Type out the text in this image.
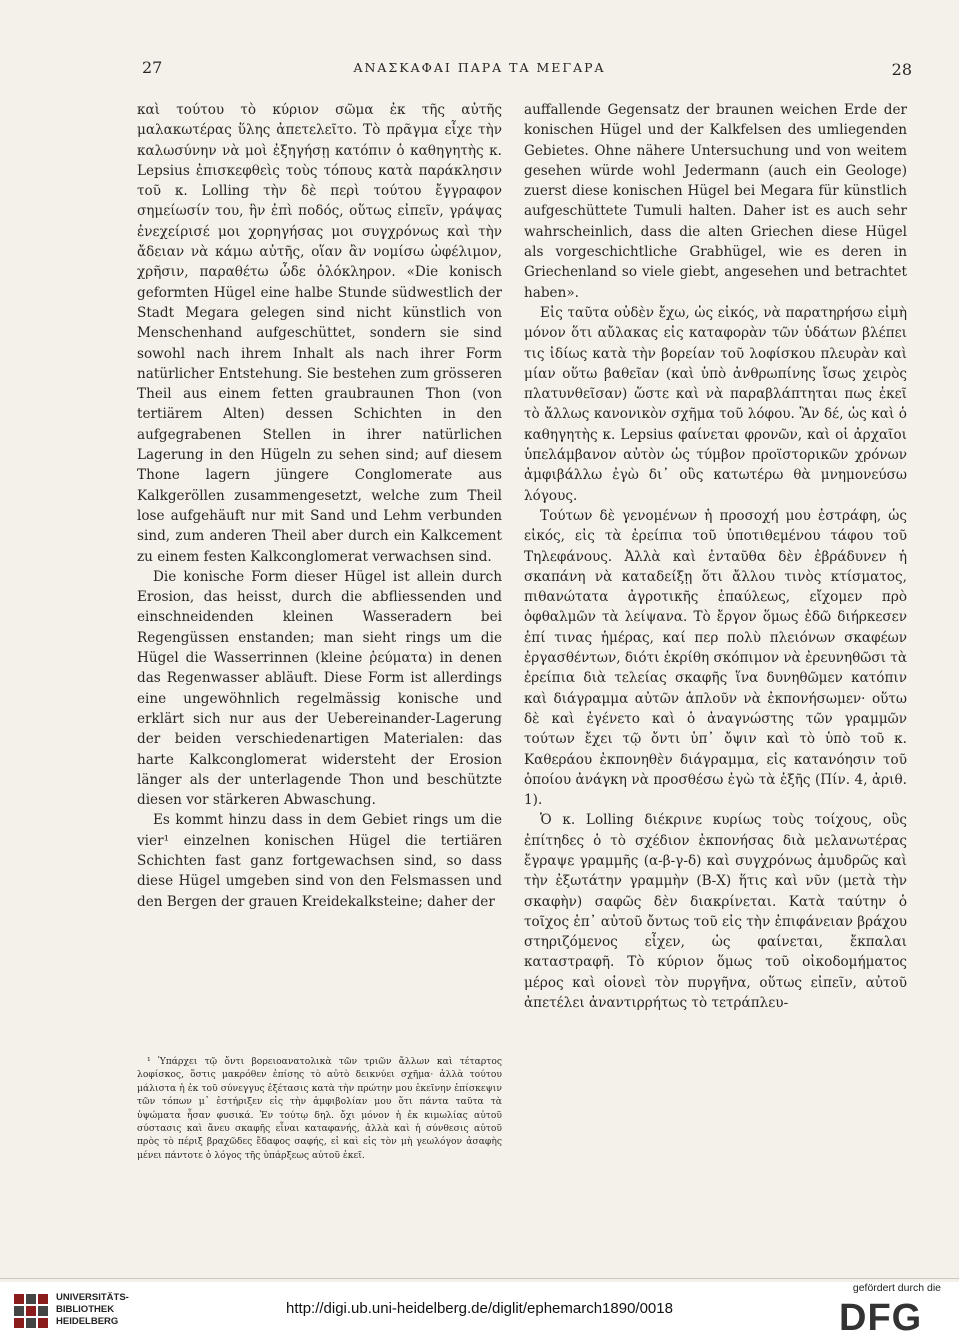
27	ΑΝΑΣΚΑΦΑΙ ΠΑΡΑ ΤΑ ΜΕΓΑΡΑ	28

καὶ τούτου τὸ κύριον σῶμα ἐκ τῆς αὐτῆς μαλακωτέρας ὕλης ἀπετελεῖτο. Τὸ πρᾶγμα εἶχε τὴν καλωσύνην νὰ μοὶ ἐξηγήσῃ κατόπιν ὁ καθηγητὴς κ. Lepsius ἐπισκεφθεὶς τοὺς τόπους κατὰ παράκλησιν τοῦ κ. Lolling τὴν δὲ περὶ τούτου ἔγγραφον σημείωσίν του, ἣν ἐπὶ ποδός, οὕτως εἰπεῖν, γράψας ἐνεχείρισέ μοι χορηγήσας μοι συγχρόνως καὶ τὴν ἄδειαν νὰ κάμω αὐτῆς, οἵαν ἂν νομίσω ὠφέλιμον, χρῆσιν, παραθέτω ὧδε ὁλόκληρον. «Die konisch geformten Hügel eine halbe Stunde südwestlich der Stadt Megara gelegen sind nicht künstlich von Menschenhand aufgeschüttet, sondern sie sind sowohl nach ihrem Inhalt als nach ihrer Form natürlicher Entstehung. Sie bestehen zum grösseren Theil aus einem fetten graubraunen Thon (von tertiärem Alten) dessen Schichten in den aufgegrabenen Stellen in ihrer natürlichen Lagerung in den Hügeln zu sehen sind; auf diesem Thone lagern jüngere Conglomerate aus Kalkgeröllen zusammengesetzt, welche zum Theil lose aufgehäuft nur mit Sand und Lehm verbunden sind, zum anderen Theil aber durch ein Kalkcement zu einem festen Kalkconglomerat verwachsen sind.

Die konische Form dieser Hügel ist allein durch Erosion, das heisst, durch die abfliessenden und einschneidenden kleinen Wasseradern bei Regengüssen enstanden; man sieht rings um die Hügel die Wasserrinnen (kleine ῥεύματα) in denen das Regenwasser abläuft. Diese Form ist allerdings eine ungewöhnlich regelmässig konische und erklärt sich nur aus der Uebereinander-Lagerung der beiden verschiedenartigen Materialen: das harte Kalkconglomerat widersteht der Erosion länger als der unterlagende Thon und beschützte diesen vor stärkeren Abwaschung.

Es kommt hinzu dass in dem Gebiet rings um die vier¹ einzelnen konischen Hügel die tertiären Schichten fast ganz fortgewachsen sind, so dass diese Hügel umgeben sind von den Felsmassen und den Bergen der grauen Kreidekalksteine; daher der

auffallende Gegensatz der braunen weichen Erde der konischen Hügel und der Kalkfelsen des umliegenden Gebietes. Ohne nähere Untersuchung und von weitem gesehen würde wohl Jedermann (auch ein Geologe) zuerst diese konischen Hügel bei Megara für künstlich aufgeschüttete Tumuli halten. Daher ist es auch sehr wahrscheinlich, dass die alten Griechen diese Hügel als vorgeschichtliche Grabhügel, wie es deren in Griechenland so viele giebt, angesehen und betrachtet haben».

Εἰς ταῦτα οὐδὲν ἔχω, ὡς εἰκός, νὰ παρατηρήσω εἰμὴ μόνον ὅτι αὔλακας εἰς καταφορὰν τῶν ὑδάτων βλέπει τις ἰδίως κατὰ τὴν βορείαν τοῦ λοφίσκου πλευρὰν καὶ μίαν οὕτω βαθεῖαν (καὶ ὑπὸ ἀνθρωπίνης ἴσως χειρὸς πλατυνθεῖσαν) ὥστε καὶ νὰ παραβλάπτηται πως ἐκεῖ τὸ ἄλλως κανονικὸν σχῆμα τοῦ λόφου. Ἂν δέ, ὡς καὶ ὁ καθηγητὴς κ. Lepsius φαίνεται φρονῶν, καὶ οἱ ἀρχαῖοι ὑπελάμβανον αὐτὸν ὡς τύμβον προϊστορικῶν χρόνων ἀμφιβάλλω ἐγὼ δι᾽ οὓς κατωτέρω θὰ μνημονεύσω λόγους.

Τούτων δὲ γενομένων ἡ προσοχή μου ἐστράφη, ὡς εἰκός, εἰς τὰ ἐρείπια τοῦ ὑποτιθεμένου τάφου τοῦ Τηλεφάνους. Ἀλλὰ καὶ ἐνταῦθα δὲν ἐβράδυνεν ἡ σκαπάνη νὰ καταδείξῃ ὅτι ἄλλου τινὸς κτίσματος, πιθανώτατα ἀγροτικῆς ἐπαύλεως, εἴχομεν πρὸ ὀφθαλμῶν τὰ λείψανα. Τὸ ἔργον ὅμως ἐδῶ διήρκεσεν ἐπί τινας ἡμέρας, καί περ πολὺ πλειόνων σκαφέων ἐργασθέντων, διότι ἐκρίθη σκόπιμον νὰ ἐρευνηθῶσι τὰ ἐρείπια διὰ τελείας σκαφῆς ἵνα δυνηθῶμεν κατόπιν καὶ διάγραμμα αὐτῶν ἁπλοῦν νὰ ἐκπονήσωμεν· οὕτω δὲ καὶ ἐγένετο καὶ ὁ ἀναγνώστης τῶν γραμμῶν τούτων ἔχει τῷ ὄντι ὑπ᾽ ὄψιν καὶ τὸ ὑπὸ τοῦ κ. Καθεράου ἐκπονηθὲν διάγραμμα, εἰς κατανόησιν τοῦ ὁποίου ἀνάγκη νὰ προσθέσω ἐγὼ τὰ ἑξῆς (Πίν. 4, ἀριθ. 1).

Ὁ κ. Lolling διέκρινε κυρίως τοὺς τοίχους, οὓς ἐπίτηδες ὁ τὸ σχέδιον ἐκπονήσας διὰ μελανωτέρας ἔγραψε γραμμῆς (α-β-γ-δ) καὶ συγχρόνως ἀμυδρῶς καὶ τὴν ἐξωτάτην γραμμὴν (Β-Χ) ἥτις καὶ νῦν (μετὰ τὴν σκαφὴν) σαφῶς δὲν διακρίνεται. Κατὰ ταύτην ὁ τοῖχος ἐπ᾽ αὐτοῦ ὄντως τοῦ εἰς τὴν ἐπιφάνειαν βράχου στηριζόμενος εἶχεν, ὡς φαίνεται, ἔκπαλαι καταστραφῆ. Τὸ κύριον ὅμως τοῦ οἰκοδομήματος μέρος καὶ οἱονεὶ τὸν πυργῆνα, οὕτως εἰπεῖν, αὐτοῦ ἀπετέλει ἀναντιρρήτως τὸ τετράπλευ-

¹ Ὑπάρχει τῷ ὄντι βορειοανατολικὰ τῶν τριῶν ἄλλων καὶ τέταρτος λοφίσκος, ὅστις μακρόθεν ἐπίσης τὸ αὐτὸ δεικνύει σχῆμα· ἀλλὰ τούτου μάλιστα ἡ ἐκ τοῦ σύνεγγυς ἐξέτασις κατὰ τὴν πρώτην μου ἐκεῖνην ἐπίσκεψιν τῶν τόπων μ᾽ ἐστήριξεν εἰς τὴν ἀμφιβολίαν μου ὅτι πάντα ταῦτα τὰ ὑψώματα ἦσαν φυσικά. Ἐν τούτῳ δηλ. ὄχι μόνον ἡ ἐκ κιμωλίας αὐτοῦ σύστασις καὶ ἄνευ σκαφῆς εἶναι καταφανής, ἀλλὰ καὶ ἡ σύνθεσις αὐτοῦ πρὸς τὸ πέριξ βραχῶδες ἔδαφος σαφής, εἰ καὶ εἰς τὸν μὴ γεωλόγον ἀσαφὴς μένει πάντοτε ὁ λόγος τῆς ὑπάρξεως αὐτοῦ ἐκεῖ.

UNIVERSITÄTS-
BIBLIOTHEK
HEIDELBERG
http://digi.ub.uni-heidelberg.de/diglit/ephemarch1890/0018
gefördert durch die
DFG
